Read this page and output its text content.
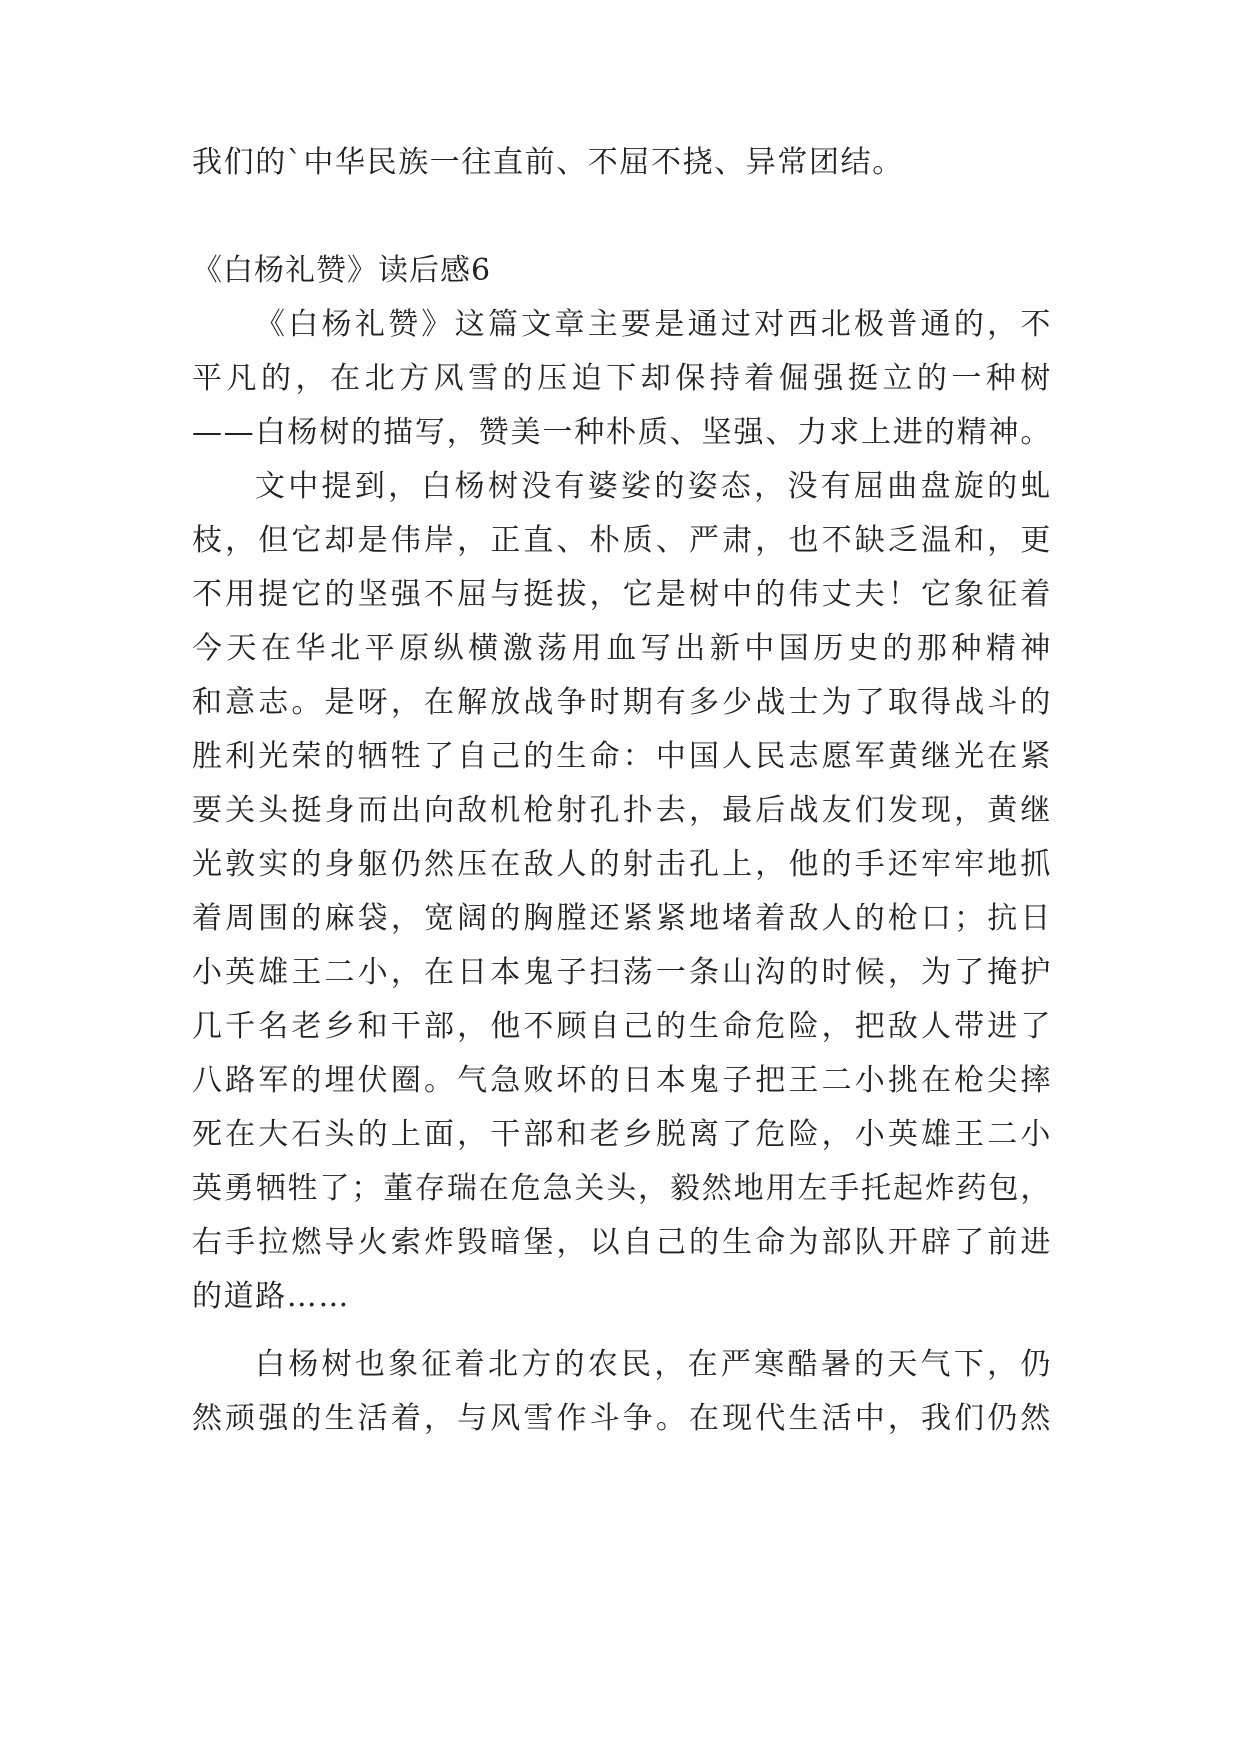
我们的`中华民族一往直前、不屈不挠、异常团结。
《白杨礼赞》读后感6
《白杨礼赞》这篇文章主要是通过对西北极普通的，不
平凡的，在北方风雪的压迫下却保持着倔强挺立的一种树
——白杨树的描写，赞美一种朴质、坚强、力求上进的精神。
文中提到，白杨树没有婆娑的姿态，没有屈曲盘旋的虬
枝，但它却是伟岸，正直、朴质、严肃，也不缺乏温和，更
不用提它的坚强不屈与挺拔，它是树中的伟丈夫！它象征着
今天在华北平原纵横激荡用血写出新中国历史的那种精神
和意志。是呀，在解放战争时期有多少战士为了取得战斗的
胜利光荣的牺牲了自己的生命：中国人民志愿军黄继光在紧
要关头挺身而出向敌机枪射孔扑去，最后战友们发现，黄继
光敦实的身躯仍然压在敌人的射击孔上，他的手还牢牢地抓
着周围的麻袋，宽阔的胸膛还紧紧地堵着敌人的枪口；抗日
小英雄王二小，在日本鬼子扫荡一条山沟的时候，为了掩护
几千名老乡和干部，他不顾自己的生命危险，把敌人带进了
八路军的埋伏圈。气急败坏的日本鬼子把王二小挑在枪尖摔
死在大石头的上面，干部和老乡脱离了危险，小英雄王二小
英勇牺牲了；董存瑞在危急关头，毅然地用左手托起炸药包，
右手拉燃导火索炸毁暗堡，以自己的生命为部队开辟了前进
的道路……
白杨树也象征着北方的农民，在严寒酷暑的天气下，仍
然顽强的生活着，与风雪作斗争。在现代生活中，我们仍然
